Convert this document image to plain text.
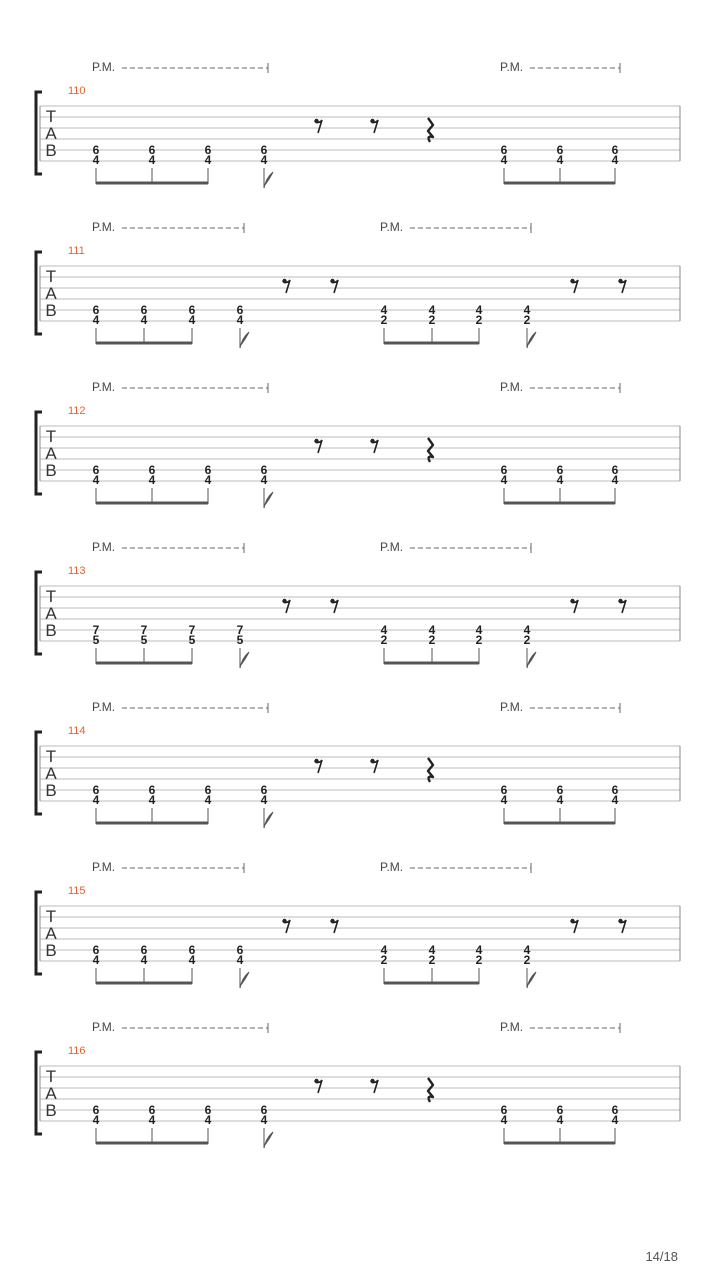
110
T
A
B
P.M.	P.M.
6
4
6
4
6
4
6
4
6
4
6
4
6
4
111
T
A
B
P.M.	P.M.
6
4
6
4
6
4
6
4
4
2
4
2
4
2
4
2
112
T
A
B
P.M.	P.M.
6
4
6
4
6
4
6
4
6
4
6
4
6
4
113
T
A
B
P.M.	P.M.
7
5
7
5
7
5
7
5
4
2
4
2
4
2
4
2
114
T
A
B
P.M.	P.M.
6
4
6
4
6
4
6
4
6
4
6
4
6
4
115
T
A
B
P.M.	P.M.
6
4
6
4
6
4
6
4
4
2
4
2
4
2
4
2
116
T
A
B
P.M.	P.M.
6
4
6
4
6
4
6
4
6
4
6
4
6
4
14/18
